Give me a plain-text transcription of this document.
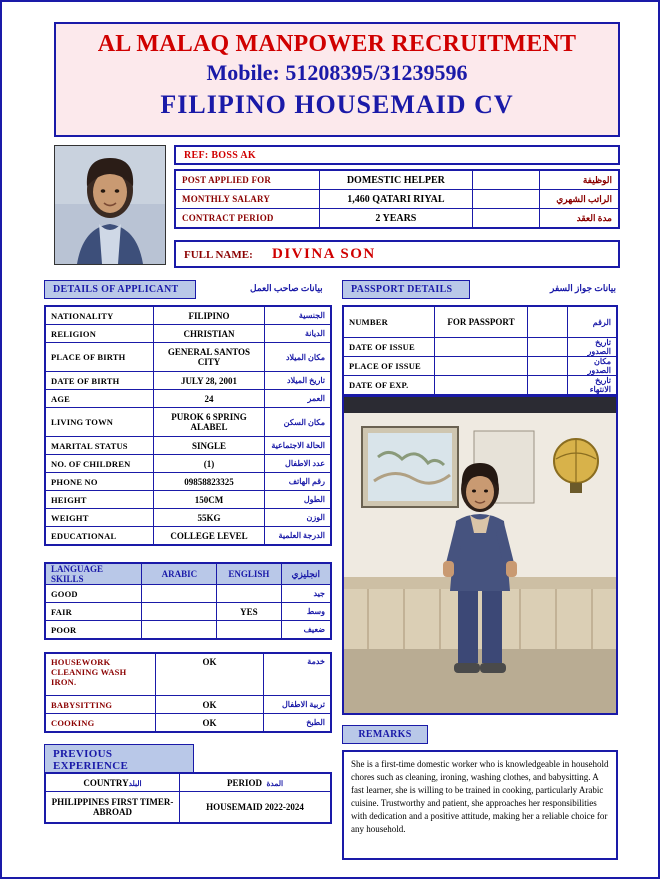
AL MALAQ MANPOWER RECRUITMENT
Mobile: 51208395/31239596
FILIPINO HOUSEMAID CV
REF: BOSS AK
POST APPLIED FOR	DOMESTIC HELPER		الوظيفة
MONTHLY SALARY	1,460 QATARI RIYAL		الراتب الشهري
CONTRACT PERIOD	2 YEARS		مدة العقد
FULL NAME: DIVINA SON
DETAILS OF APPLICANT	بيانات صاحب العمل	PASSPORT DETAILS	بيانات جواز السفر
NATIONALITY	FILIPINO	الجنسية
RELIGION	CHRISTIAN	الديانة
PLACE OF BIRTH	GENERAL SANTOS CITY	مكان الميلاد
DATE OF BIRTH	JULY 28, 2001	تاريخ الميلاد
AGE	24	العمر
LIVING TOWN	PUROK 6 SPRING ALABEL	مكان السكن
MARITAL STATUS	SINGLE	الحالة الاجتماعية
NO. OF CHILDREN	(1)	عدد الاطفال
PHONE NO	09858823325	رقم الهاتف
HEIGHT	150CM	الطول
WEIGHT	55KG	الوزن
EDUCATIONAL	COLLEGE LEVEL	الدرجة العلمية
NUMBER	FOR PASSPORT		الرقم
DATE OF ISSUE			تاريخ الصدور
PLACE OF ISSUE			مكان الصدور
DATE OF EXP.			تاريخ الانتهاء
LANGUAGE SKILLS	ARABIC	ENGLISH	انجليزي
GOOD			جيد
FAIR		YES	وسط
POOR			ضعيف
HOUSEWORK CLEANING WASH IRON.	OK	خدمة
BABYSITTING	OK	تربية الاطفال
COOKING	OK	الطبخ
PREVIOUS EXPERIENCE
COUNTRYالبلد	PERIOD المدة
PHILIPPINES FIRST TIMER- ABROAD	HOUSEMAID 2022-2024
REMARKS
She is a first-time domestic worker who is knowledgeable in household chores such as cleaning, ironing, washing clothes, and babysitting. A fast learner, she is willing to be trained in cooking, particularly Arabic cuisine. Trustworthy and patient, she approaches her responsibilities with dedication and a positive attitude, making her a reliable choice for any household.
